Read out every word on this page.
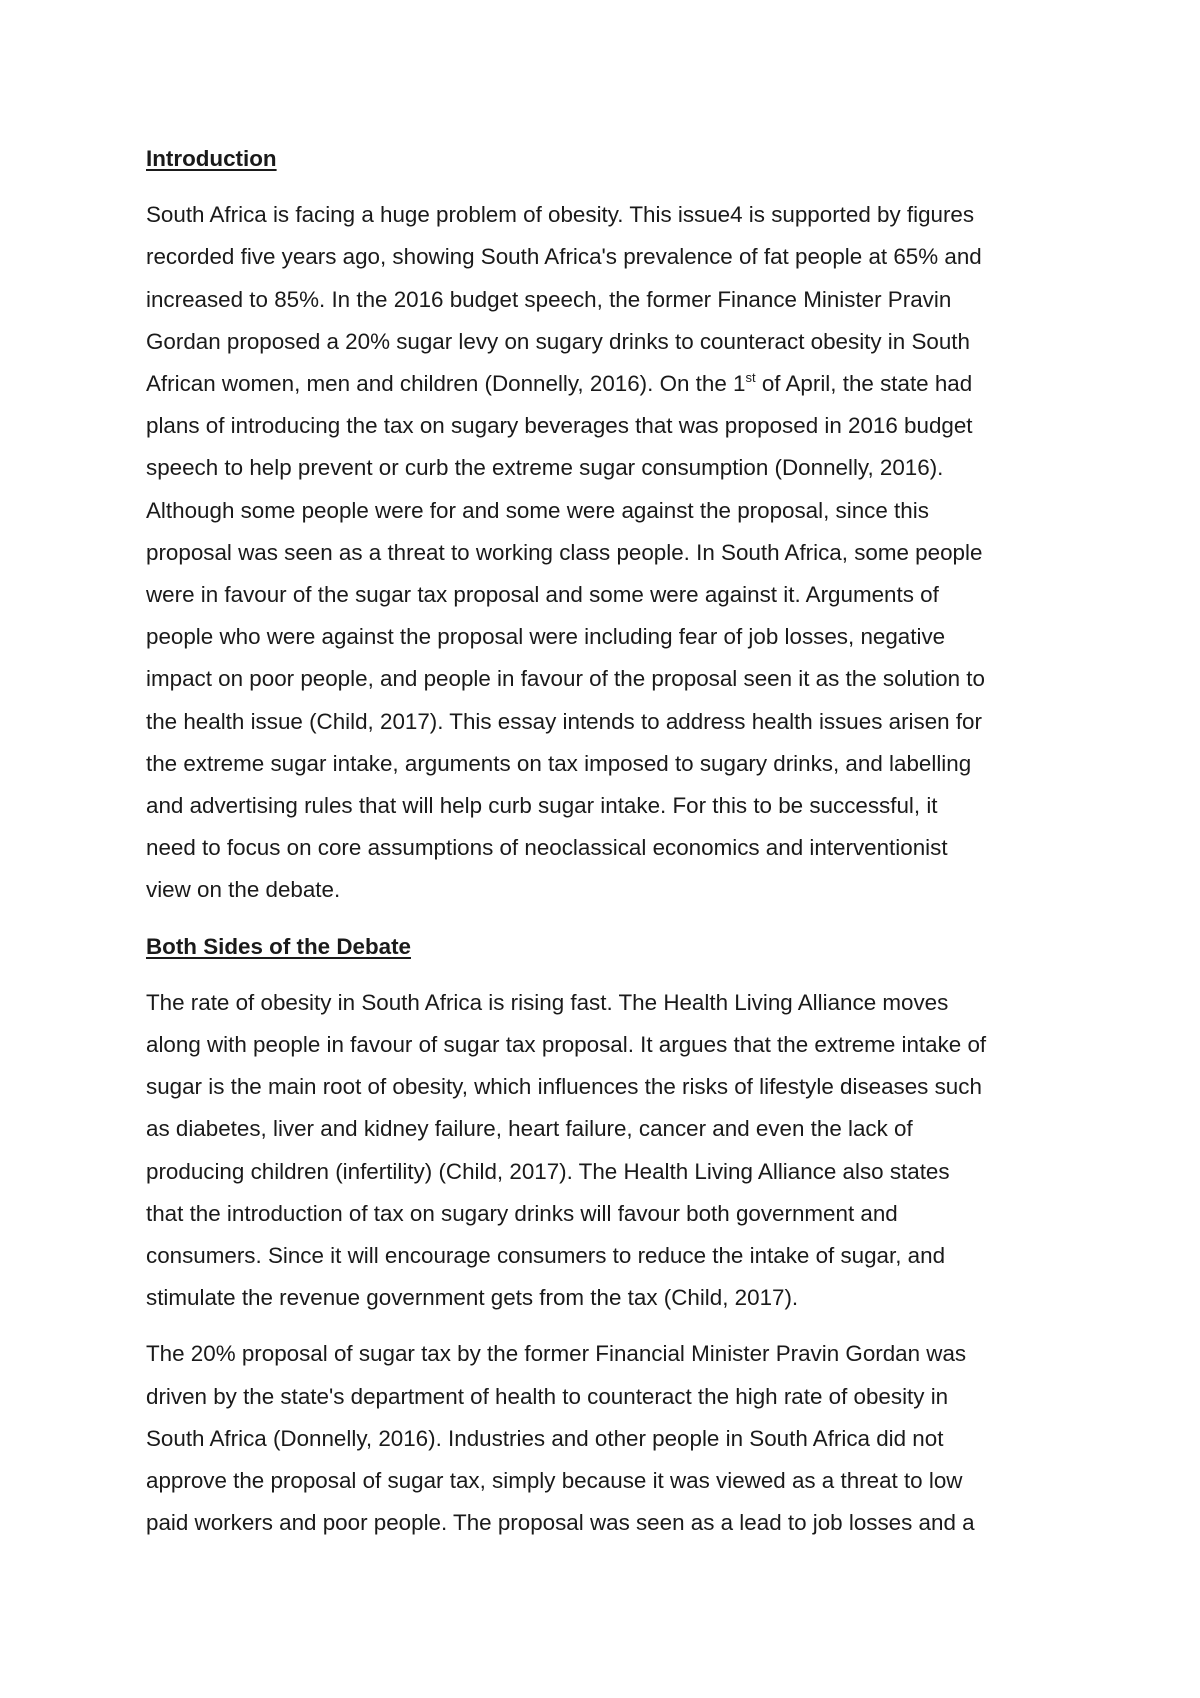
Introduction
South Africa is facing a huge problem of obesity. This issue4 is supported by figures
recorded five years ago, showing South Africa's prevalence of fat people at 65% and
increased to 85%. In the 2016 budget speech, the former Finance Minister Pravin
Gordan proposed a 20% sugar levy on sugary drinks to counteract obesity in South
African women, men and children (Donnelly, 2016). On the 1st of April, the state had
plans of introducing the tax on sugary beverages that was proposed in 2016 budget
speech to help prevent or curb the extreme sugar consumption (Donnelly, 2016).
Although some people were for and some were against the proposal, since this
proposal was seen as a threat to working class people. In South Africa, some people
were in favour of the sugar tax proposal and some were against it. Arguments of
people who were against the proposal were including fear of job losses, negative
impact on poor people, and people in favour of the proposal seen it as the solution to
the health issue (Child, 2017). This essay intends to address health issues arisen for
the extreme sugar intake, arguments on tax imposed to sugary drinks, and labelling
and advertising rules that will help curb sugar intake. For this to be successful, it
need to focus on core assumptions of neoclassical economics and interventionist
view on the debate.
Both Sides of the Debate
The rate of obesity in South Africa is rising fast. The Health Living Alliance moves
along with people in favour of sugar tax proposal. It argues that the extreme intake of
sugar is the main root of obesity, which influences the risks of lifestyle diseases such
as diabetes, liver and kidney failure, heart failure, cancer and even the lack of
producing children (infertility) (Child, 2017). The Health Living Alliance also states
that the introduction of tax on sugary drinks will favour both government and
consumers. Since it will encourage consumers to reduce the intake of sugar, and
stimulate the revenue government gets from the tax (Child, 2017).
The 20% proposal of sugar tax by the former Financial Minister Pravin Gordan was
driven by the state's department of health to counteract the high rate of obesity in
South Africa (Donnelly, 2016). Industries and other people in South Africa did not
approve the proposal of sugar tax, simply because it was viewed as a threat to low
paid workers and poor people. The proposal was seen as a lead to job losses and a
